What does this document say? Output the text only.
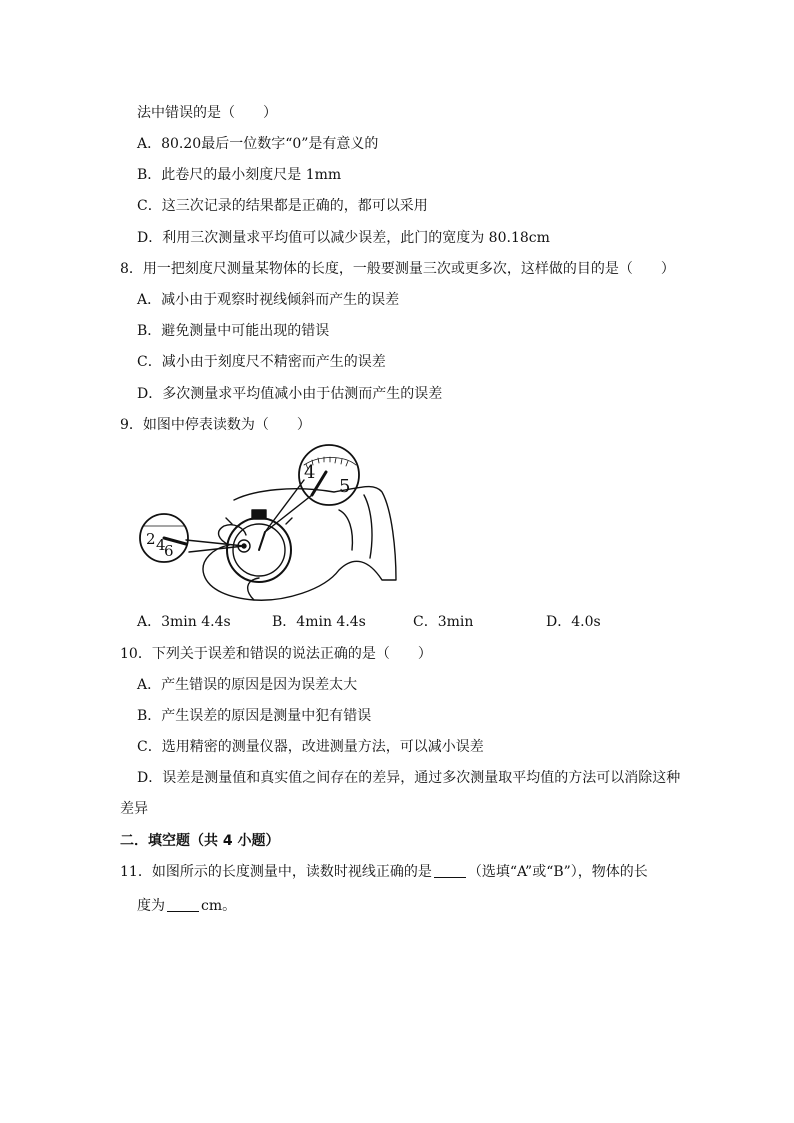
法中错误的是（　　）
A．80.20最后一位数字“0”是有意义的
B．此卷尺的最小刻度尺是 1mm
C．这三次记录的结果都是正确的，都可以采用
D．利用三次测量求平均值可以减少误差，此门的宽度为 80.18cm
8．用一把刻度尺测量某物体的长度，一般要测量三次或更多次，这样做的目的是（　　）
A．减小由于观察时视线倾斜而产生的误差
B．避免测量中可能出现的错误
C．减小由于刻度尺不精密而产生的误差
D．多次测量求平均值减小由于估测而产生的误差
9．如图中停表读数为（　　）
2 4
6
4
5
A．3min 4.4s	B．4min 4.4s	C．3min	D．4.0s
10．下列关于误差和错误的说法正确的是（　　）
A．产生错误的原因是因为误差太大
B．产生误差的原因是测量中犯有错误
C．选用精密的测量仪器，改进测量方法，可以减小误差
D．误差是测量值和真实值之间存在的差异，通过多次测量取平均值的方法可以消除这种
差异
二．填空题（共 4 小题）
11．如图所示的长度测量中，读数时视线正确的是	（选填“A”或“B”），物体的长
度为	cm。
